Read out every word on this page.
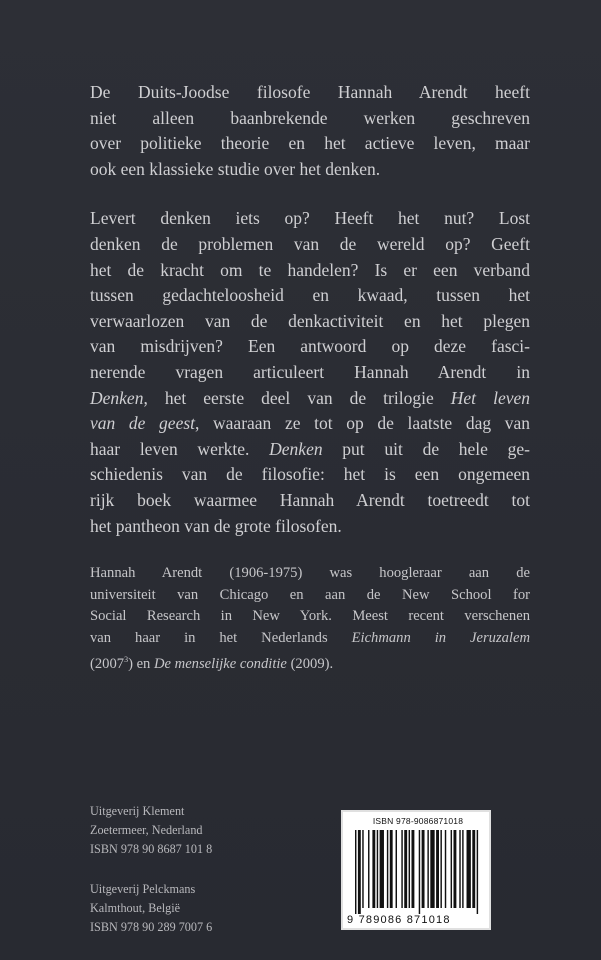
De Duits-Joodse filosofe Hannah Arendt heeft
niet alleen baanbrekende werken geschreven
over politieke theorie en het actieve leven, maar
ook een klassieke studie over het denken.

Levert denken iets op? Heeft het nut? Lost
denken de problemen van de wereld op? Geeft
het de kracht om te handelen? Is er een verband
tussen gedachteloosheid en kwaad, tussen het
verwaarlozen van de denkactiviteit en het plegen
van misdrijven? Een antwoord op deze fasci-
nerende vragen articuleert Hannah Arendt in
Denken, het eerste deel van de trilogie Het leven
van de geest, waaraan ze tot op de laatste dag van
haar leven werkte. Denken put uit de hele ge-
schiedenis van de filosofie: het is een ongemeen
rijk boek waarmee Hannah Arendt toetreedt tot
het pantheon van de grote filosofen.

Hannah Arendt (1906-1975) was hoogleraar aan de
universiteit van Chicago en aan de New School for
Social Research in New York. Meest recent verschenen
van haar in het Nederlands Eichmann in Jeruzalem
(2007$^3$) en De menselijke conditie (2009).

Uitgeverij Klement
Zoetermeer, Nederland
ISBN 978 90 8687 101 8
Uitgeverij Pelckmans
Kalmthout, België
ISBN 978 90 289 7007 6
ISBN 978-9086871018
9 789086 871018
